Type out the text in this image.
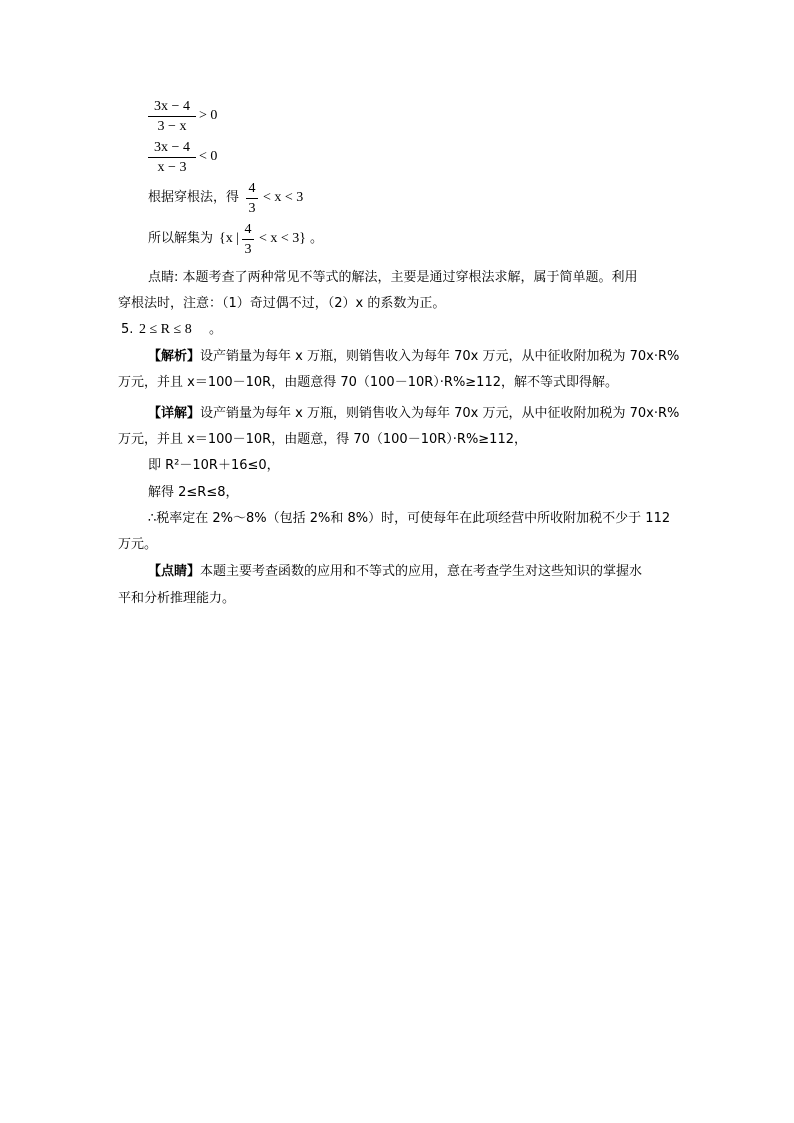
3x − 4
3 − x
> 0
3x − 4
x − 3
< 0
根据穿根法，得
4
3
< x < 3
所以解集为 {x |
4
3
< x < 3} 。
点睛: 本题考查了两种常见不等式的解法，主要是通过穿根法求解，属于简单题。利用
穿根法时，注意：（1）奇过偶不过，（2）x 的系数为正。
5. 2 ≤ R ≤ 8 。
【解析】设产销量为每年 x 万瓶，则销售收入为每年 70x 万元，从中征收附加税为 70x·R%
万元，并且 x＝100－10R，由题意得 70（100－10R）·R%≥112，解不等式即得解。
【详解】设产销量为每年 x 万瓶，则销售收入为每年 70x 万元，从中征收附加税为 70x·R%
万元，并且 x＝100－10R，由题意，得 70（100－10R）·R%≥112，
即 R²－10R＋16≤0，
解得 2≤R≤8，
∴税率定在 2%～8%（包括 2%和 8%）时，可使每年在此项经营中所收附加税不少于 112
万元。
【点睛】本题主要考查函数的应用和不等式的应用，意在考查学生对这些知识的掌握水
平和分析推理能力。
